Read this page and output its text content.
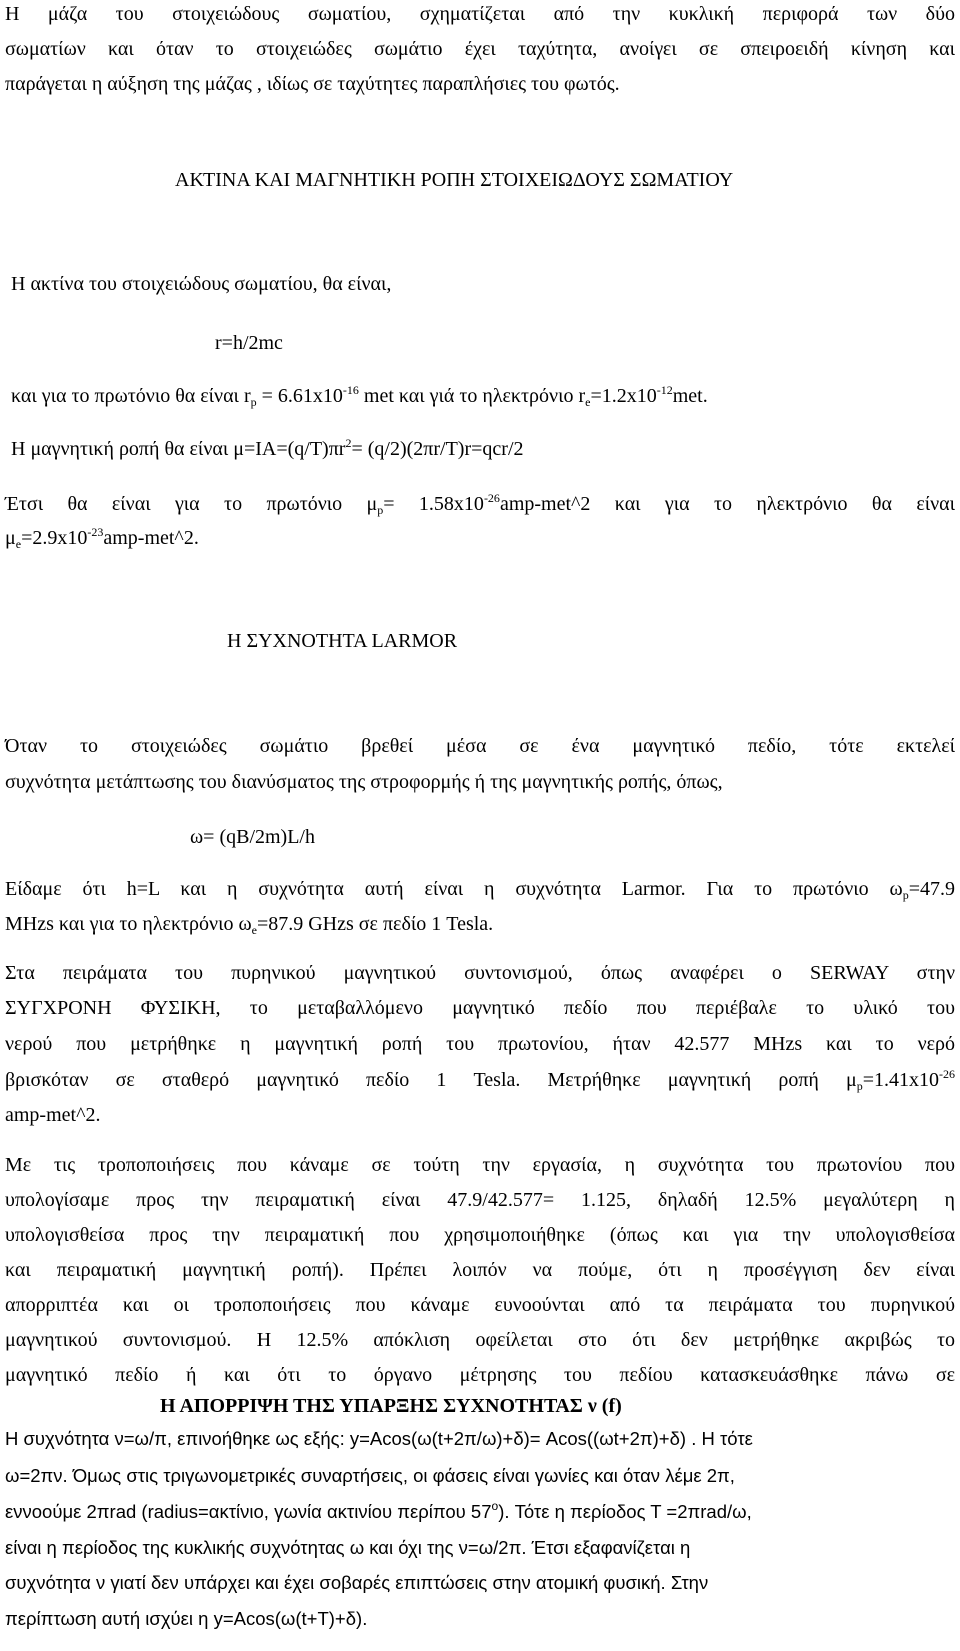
Η μάζα του στοιχειώδους σωματίου, σχηματίζεται από την κυκλική περιφορά των δύο
σωματίων και όταν το στοιχειώδες σωμάτιο έχει ταχύτητα, ανοίγει σε σπειροειδή κίνηση και
παράγεται η αύξηση της μάζας , ιδίως σε ταχύτητες παραπλήσιες του φωτός.
ΑΚΤΙΝΑ ΚΑΙ ΜΑΓΝΗΤΙΚΗ ΡΟΠΗ ΣΤΟΙΧΕΙΩΔΟΥΣ ΣΩΜΑΤΙΟΥ
Η ακτίνα του στοιχειώδους σωματίου, θα είναι,
r=h/2mc
και για το πρωτόνιο θα είναι $r_p = 6.61x10^{-16}$ met και γιά το ηλεκτρόνιο $r_e=1.2x10^{-12}met$.
Η μαγνητική ροπή θα είναι $\mu=IA=(q/T)\pi r^2= (q/2)(2\pi r/T)r=qcr/2$
Έτσι θα είναι για το πρωτόνιο $\mu_p=$ $1.58x10^{-26}amp-met\^{}2$ και για το ηλεκτρόνιο θα είναι
$\mu_e=2.9x10^{-23}amp-met\^{}2$.
Η ΣΥΧΝΟΤΗΤΑ LARMOR
Όταν το στοιχειώδες σωμάτιο βρεθεί μέσα σε ένα μαγνητικό πεδίο, τότε εκτελεί
συχνότητα μετάπτωσης του διανύσματος της στροφορμής ή της μαγνητικής ροπής, όπως,
ω= (qB/2m)L/h
Είδαμε ότι h=L και η συχνότητα αυτή είναι η συχνότητα Larmor. Για το πρωτόνιο $\omega_p=47.9$
MHzs και για το ηλεκτρόνιο $\omega_e=87.9$ GHzs σε πεδίο 1 Tesla.
Στα πειράματα του πυρηνικού μαγνητικού συντονισμού, όπως αναφέρει ο SERWAY στην
ΣΥΓΧΡΟΝΗ ΦΥΣΙΚΗ, το μεταβαλλόμενο μαγνητικό πεδίο που περιέβαλε το υλικό του
νερού που μετρήθηκε η μαγνητική ροπή του πρωτονίου, ήταν 42.577 MHzs και το νερό
βρισκόταν σε σταθερό μαγνητικό πεδίο 1 Tesla. Μετρήθηκε μαγνητική ροπή $\mu_p=1.41x10^{-26}$
amp-met^2.
Με τις τροποποιήσεις που κάναμε σε τούτη την εργασία, η συχνότητα του πρωτονίου που
υπολογίσαμε προς την πειραματική είναι 47.9/42.577= 1.125, δηλαδή 12.5% μεγαλύτερη η
υπολογισθείσα προς την πειραματική που χρησιμοποιήθηκε (όπως και για την υπολογισθείσα
και πειραματική μαγνητική ροπή). Πρέπει λοιπόν να πούμε, ότι η προσέγγιση δεν είναι
απορριπτέα και οι τροποποιήσεις που κάναμε ευνοούνται από τα πειράματα του πυρηνικού
μαγνητικού συντονισμού. Η 12.5% απόκλιση οφείλεται στο ότι δεν μετρήθηκε ακριβώς το
μαγνητικό πεδίο ή και ότι το όργανο μέτρησης του πεδίου κατασκευάσθηκε πάνω σε
Η ΑΠΟΡΡΙΨΗ ΤΗΣ ΥΠΑΡΞΗΣ ΣΥΧΝΟΤΗΤΑΣ ν (f)
Η συχνότητα ν=ω/π, επινοήθηκε ως εξής: y=Acos(ω(t+2π/ω)+δ)= Acos((ωt+2π)+δ) . Η τότε
ω=2πν. Όμως στις τριγωνομετρικές συναρτήσεις, οι φάσεις είναι γωνίες και όταν λέμε 2π,
εννοούμε 2πrad (radius=ακτίνιο, γωνία ακτινίου περίπου 57$^o$). Τότε η περίοδος Τ =2πrad/ω,
είναι η περίοδος της κυκλικής συχνότητας ω και όχι της ν=ω/2π. Έτσι εξαφανίζεται η
συχνότητα ν γιατί δεν υπάρχει και έχει σοβαρές επιπτώσεις στην ατομική φυσική. Στην
περίπτωση αυτή ισχύει η y=Acos(ω(t+T)+δ).
